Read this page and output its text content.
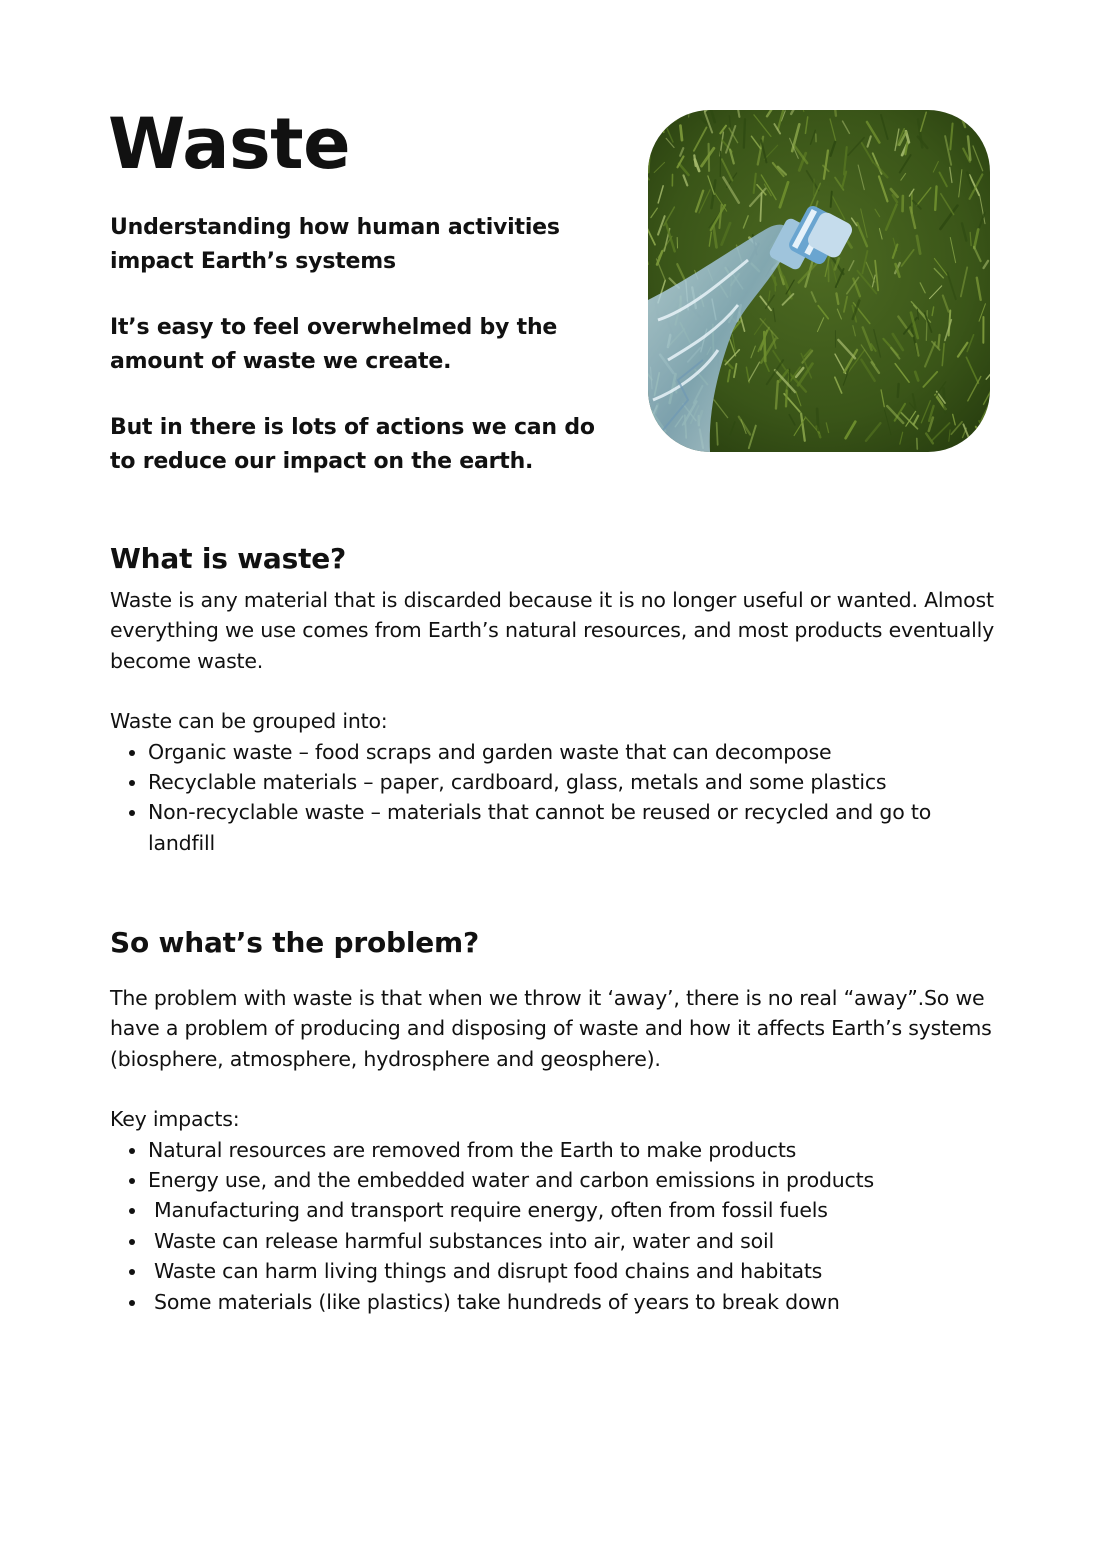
Waste

Understanding how human activities impact Earth’s systems

It’s easy to feel overwhelmed by the amount of waste we create.

But in there is lots of actions we can do to reduce our impact on the earth.

What is waste?

Waste is any material that is discarded because it is no longer useful or wanted. Almost everything we use comes from Earth’s natural resources, and most products eventually become waste.

Waste can be grouped into:

• Organic waste – food scraps and garden waste that can decompose
• Recyclable materials – paper, cardboard, glass, metals and some plastics
• Non-recyclable waste – materials that cannot be reused or recycled and go to landfill
So what’s the problem?

The problem with waste is that when we throw it ‘away’, there is no real “away”.So we have a problem of producing and disposing of waste and how it affects Earth’s systems (biosphere, atmosphere, hydrosphere and geosphere).

Key impacts:

• Natural resources are removed from the Earth to make products
• Energy use, and the embedded water and carbon emissions in products
• Manufacturing and transport require energy, often from fossil fuels
• Waste can release harmful substances into air, water and soil
• Waste can harm living things and disrupt food chains and habitats
• Some materials (like plastics) take hundreds of years to break down
